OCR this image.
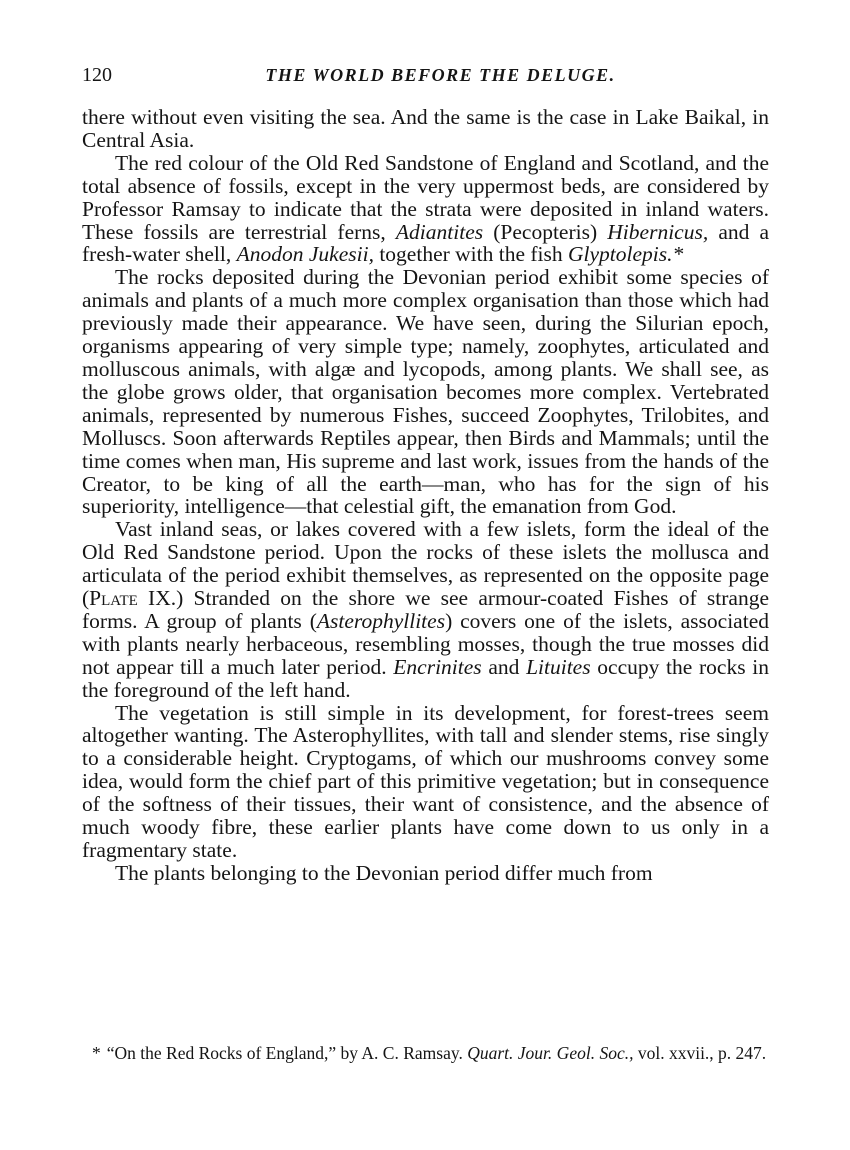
120	THE WORLD BEFORE THE DELUGE.

there without even visiting the sea. And the same is the case in Lake Baikal, in Central Asia.

The red colour of the Old Red Sandstone of England and Scotland, and the total absence of fossils, except in the very uppermost beds, are considered by Professor Ramsay to indicate that the strata were deposited in inland waters. These fossils are terrestrial ferns, Adiantites (Pecopteris) Hibernicus, and a fresh-water shell, Anodon Jukesii, together with the fish Glyptolepis.*

The rocks deposited during the Devonian period exhibit some species of animals and plants of a much more complex organisation than those which had previously made their appearance. We have seen, during the Silurian epoch, organisms appearing of very simple type; namely, zoophytes, articulated and molluscous animals, with algæ and lycopods, among plants. We shall see, as the globe grows older, that organisation becomes more complex. Vertebrated animals, represented by numerous Fishes, succeed Zoophytes, Trilobites, and Molluscs. Soon afterwards Reptiles appear, then Birds and Mammals; until the time comes when man, His supreme and last work, issues from the hands of the Creator, to be king of all the earth—man, who has for the sign of his superiority, intelligence—that celestial gift, the emanation from God.

Vast inland seas, or lakes covered with a few islets, form the ideal of the Old Red Sandstone period. Upon the rocks of these islets the mollusca and articulata of the period exhibit themselves, as represented on the opposite page (Plate IX.) Stranded on the shore we see armour-coated Fishes of strange forms. A group of plants (Asterophyllites) covers one of the islets, associated with plants nearly herbaceous, resembling mosses, though the true mosses did not appear till a much later period. Encrinites and Lituites occupy the rocks in the foreground of the left hand.

The vegetation is still simple in its development, for forest-trees seem altogether wanting. The Asterophyllites, with tall and slender stems, rise singly to a considerable height. Cryptogams, of which our mushrooms convey some idea, would form the chief part of this primitive vegetation; but in consequence of the softness of their tissues, their want of consistence, and the absence of much woody fibre, these earlier plants have come down to us only in a fragmentary state.

The plants belonging to the Devonian period differ much from

* “On the Red Rocks of England,” by A. C. Ramsay. Quart. Jour. Geol. Soc., vol. xxvii., p. 247.
